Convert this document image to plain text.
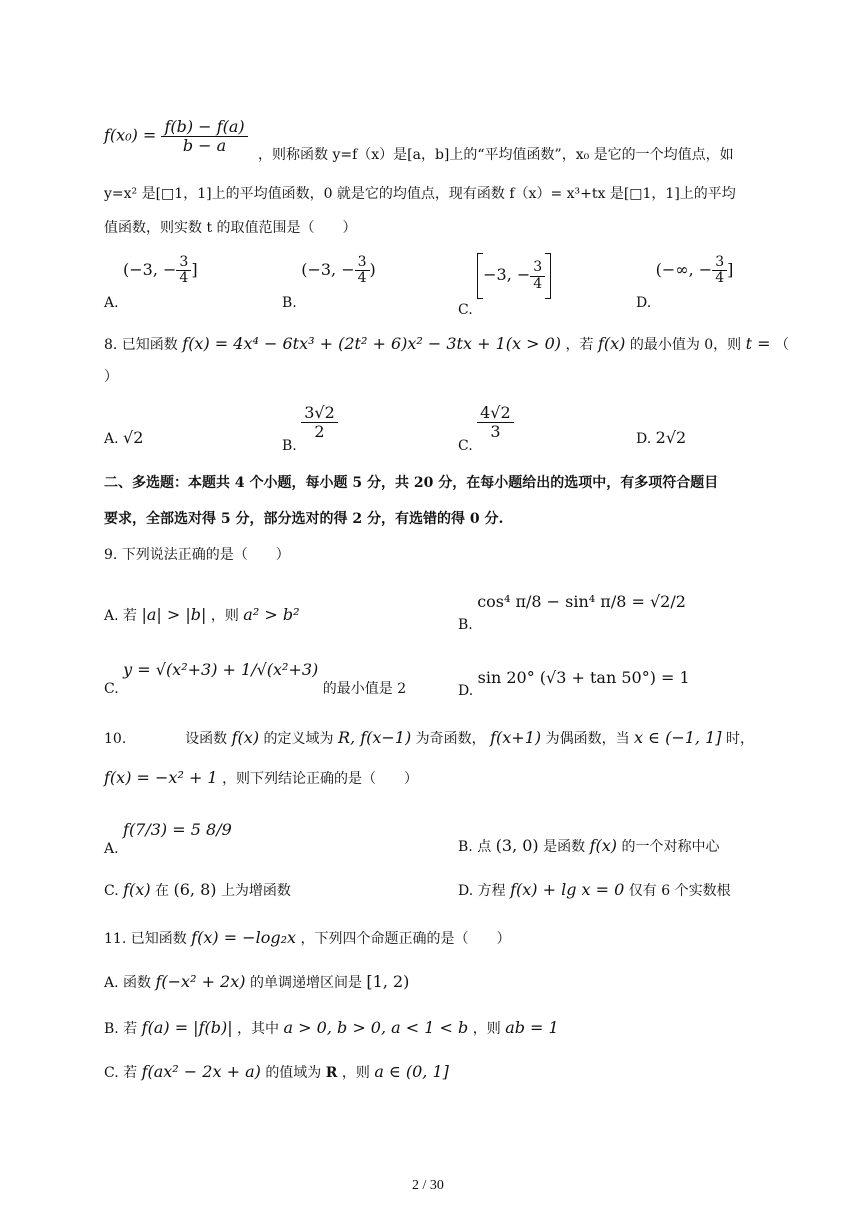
$f(x_0) = \frac{f(b) - f(a)}{b - a}$
，则称函数 y=f（x）是[a，b]上的“平均值函数”，x₀ 是它的一个均值点，如
y=x² 是[□1，1]上的平均值函数，0 就是它的均值点，现有函数 f（x）= x³+tx 是[□1，1]上的平均
值函数，则实数 t 的取值范围是（　　）
A. (−3, − $\frac{3}{4}$ ]
B. (−3, − $\frac{3}{4}$ )
C. −3, − $\frac{3}{4}$
D. (−∞, − $\frac{3}{4}$ ]
8. 已知函数 f(x) = 4x⁴ − 6tx³ + (2t² + 6)x² − 3tx + 1(x > 0) ，若 f(x) 的最小值为 0，则 t = （
）
A. √2	B.
$\frac{3√2}{2}$
C.
$\frac{4√2}{3}$	D. 2√2
二、多选题：本题共 4 个小题，每小题 5 分，共 20 分，在每小题给出的选项中，有多项符合题目
要求，全部选对得 5 分，部分选对的得 2 分，有选错的得 0 分.
9. 下列说法正确的是（　　）
A. 若 |a| > |b| ，则 a² > b²
B. cos⁴ π/8 − sin⁴ π/8 = √2/2
C. y = √(x²+3) + 1/√(x²+3) 的最小值是 2	D. sin 20° (√3 + tan 50°) = 1
10.	设函数 f(x) 的定义域为 R, f(x−1) 为奇函数， f(x+1) 为偶函数，当 x ∈ (−1, 1] 时，
f(x) = −x² + 1 ，则下列结论正确的是（　　）
A. f(7/3) = 5 8/9
B. 点 (3, 0) 是函数 f(x) 的一个对称中心
C. f(x) 在 (6, 8) 上为增函数	D. 方程 f(x) + lg x = 0 仅有 6 个实数根
11. 已知函数 f(x) = −log₂x ，下列四个命题正确的是（　　）
A. 函数 f(−x² + 2x) 的单调递增区间是 [1, 2)
B. 若 f(a) = |f(b)| ，其中 a > 0, b > 0, a < 1 < b ，则 ab = 1
C. 若 f(ax² − 2x + a) 的值域为 R ，则 a ∈ (0, 1]
2 / 30
